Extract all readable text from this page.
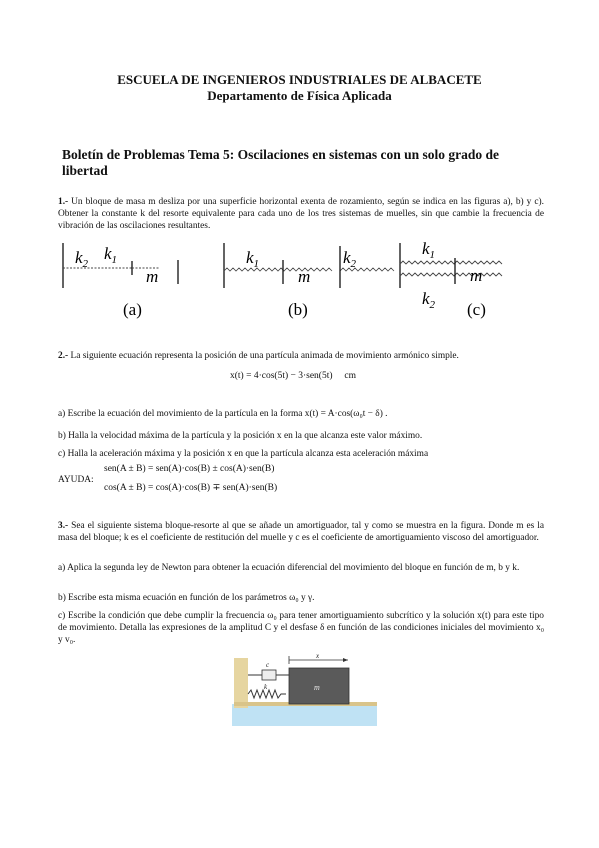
ESCUELA DE INGENIEROS INDUSTRIALES DE ALBACETE
Departamento de Física Aplicada
Boletín de Problemas Tema 5: Oscilaciones en sistemas con un solo grado de libertad
1.- Un bloque de masa m desliza por una superficie horizontal exenta de rozamiento, según se indica en las figuras a), b) y c). Obtener la constante k del resorte equivalente para cada uno de los tres sistemas de muelles, sin que cambie la frecuencia de vibración de las oscilaciones resultantes.
$k_2$
$k_1$
m
(a)
$k_1$	$k_2$
m
(b)
$k_1$
$k_2$
m
(c)
2.- La siguiente ecuación representa la posición de una partícula animada de movimiento armónico simple.
x(t) = 4·cos(5t) − 3·sen(5t)     cm
a) Escribe la ecuación del movimiento de la partícula en la forma x(t) = A·cos(ω₀t − δ) .
b) Halla la velocidad máxima de la partícula y la posición x en la que alcanza este valor máximo.
c) Halla la aceleración máxima y la posición x en que la partícula alcanza esta aceleración máxima
AYUDA:
sen(A ± B) = sen(A)·cos(B) ± cos(A)·sen(B)
cos(A ± B) = cos(A)·cos(B) ∓ sen(A)·sen(B)
3.- Sea el siguiente sistema bloque-resorte al que se añade un amortiguador, tal y como se muestra en la figura. Donde m es la masa del bloque; k es el coeficiente de restitución del muelle y c es el coeficiente de amortiguamiento viscoso del amortiguador.
a) Aplica la segunda ley de Newton para obtener la ecuación diferencial del movimiento del bloque en función de m, b y k.
b) Escribe esta misma ecuación en función de los parámetros ω₀ y γ.
c) Escribe la condición que debe cumplir la frecuencia ω₀ para tener amortiguamiento subcrítico y la solución x(t) para este tipo de movimiento. Detalla las expresiones de la amplitud C y el desfase δ en función de las condiciones iniciales del movimiento x₀ y v₀.
c
k	m
x
